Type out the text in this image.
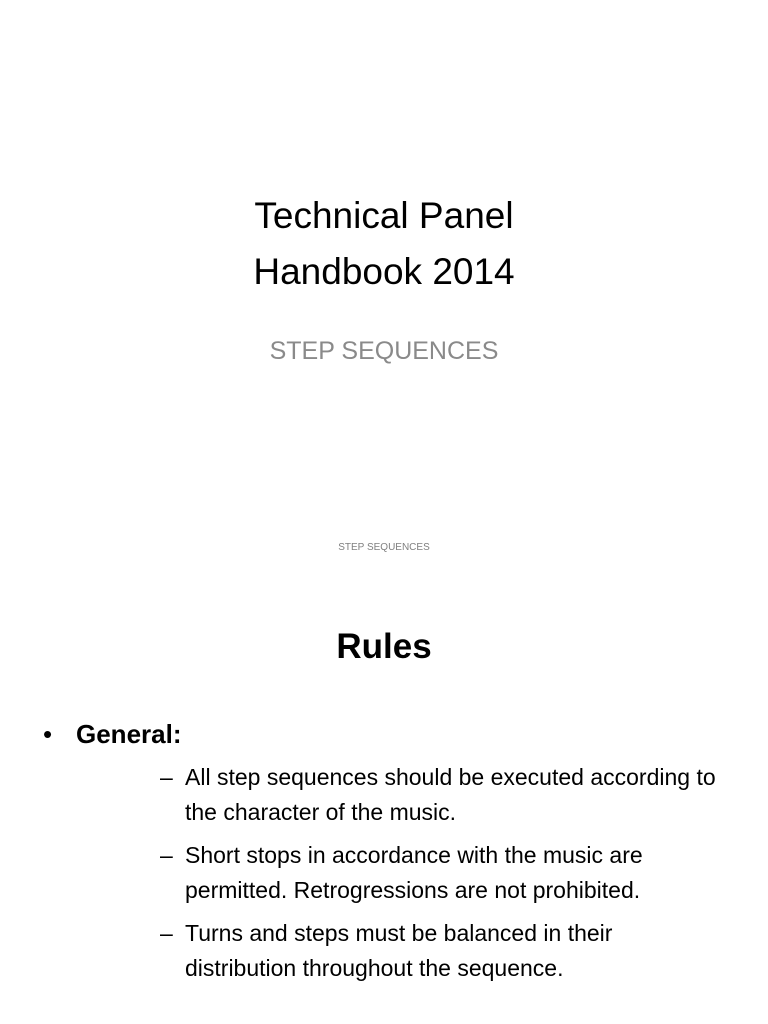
Technical Panel
Handbook 2014

STEP SEQUENCES

STEP SEQUENCES
Rules
• General:
– All step sequences should be executed according to the character of the music.
– Short stops in accordance with the music are permitted. Retrogressions are not prohibited.
– Turns and steps must be balanced in their distribution throughout the sequence.
